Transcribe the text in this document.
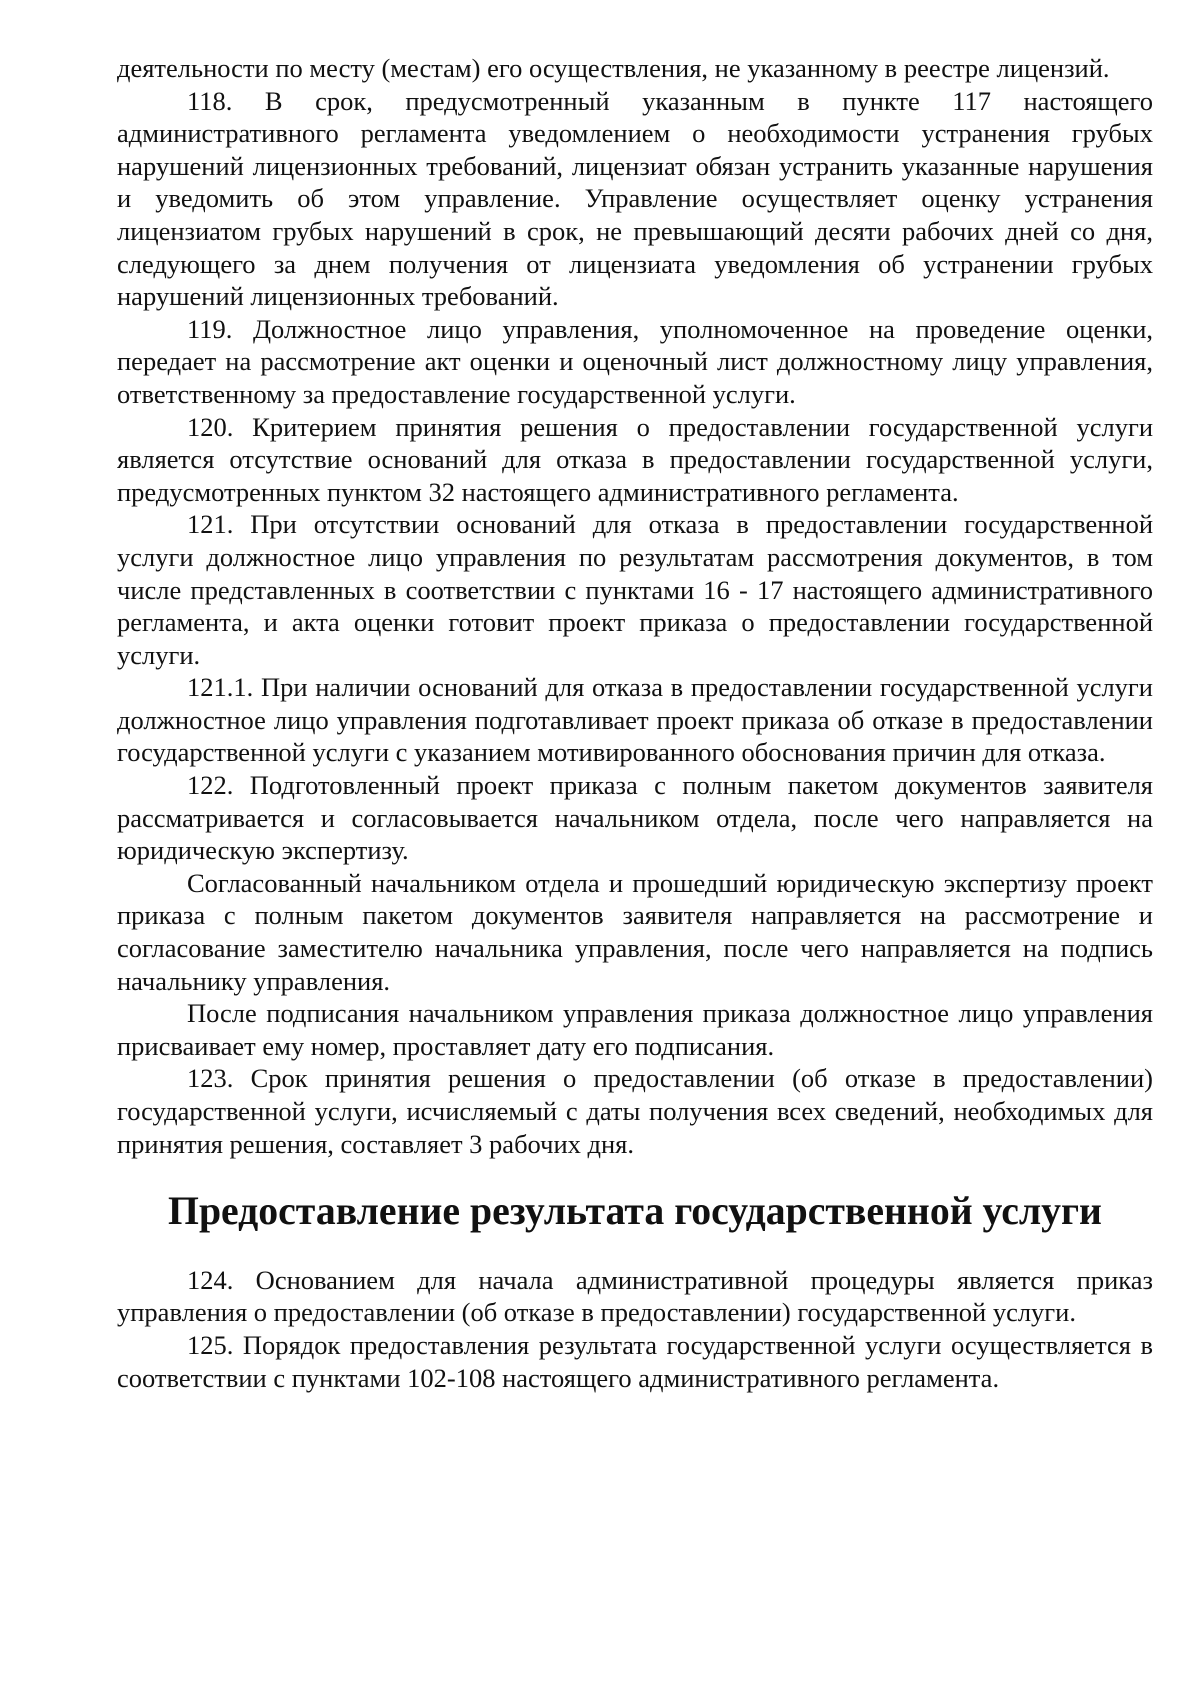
деятельности по месту (местам) его осуществления, не указанному в реестре лицензий.

118. В срок, предусмотренный указанным в пункте 117 настоящего административного регламента уведомлением о необходимости устранения грубых нарушений лицензионных требований, лицензиат обязан устранить указанные нарушения и уведомить об этом управление. Управление осуществляет оценку устранения лицензиатом грубых нарушений в срок, не превышающий десяти рабочих дней со дня, следующего за днем получения от лицензиата уведомления об устранении грубых нарушений лицензионных требований.

119. Должностное лицо управления, уполномоченное на проведение оценки, передает на рассмотрение акт оценки и оценочный лист должностному лицу управления, ответственному за предоставление государственной услуги.

120. Критерием принятия решения о предоставлении государственной услуги является отсутствие оснований для отказа в предоставлении государственной услуги, предусмотренных пунктом 32 настоящего административного регламента.

121. При отсутствии оснований для отказа в предоставлении государственной услуги должностное лицо управления по результатам рассмотрения документов, в том числе представленных в соответствии с пунктами 16 - 17 настоящего административного регламента, и акта оценки готовит проект приказа о предоставлении государственной услуги.

121.1. При наличии оснований для отказа в предоставлении государственной услуги должностное лицо управления подготавливает проект приказа об отказе в предоставлении государственной услуги с указанием мотивированного обоснования причин для отказа.

122. Подготовленный проект приказа с полным пакетом документов заявителя рассматривается и согласовывается начальником отдела, после чего направляется на юридическую экспертизу.

Согласованный начальником отдела и прошедший юридическую экспертизу проект приказа с полным пакетом документов заявителя направляется на рассмотрение и согласование заместителю начальника управления, после чего направляется на подпись начальнику управления.

После подписания начальником управления приказа должностное лицо управления присваивает ему номер, проставляет дату его подписания.

123. Срок принятия решения о предоставлении (об отказе в предоставлении) государственной услуги, исчисляемый с даты получения всех сведений, необходимых для принятия решения, составляет 3 рабочих дня.

Предоставление результата государственной услуги

124. Основанием для начала административной процедуры является приказ управления о предоставлении (об отказе в предоставлении) государственной услуги.

125. Порядок предоставления результата государственной услуги осуществляется в соответствии с пунктами 102-108 настоящего административного регламента.
